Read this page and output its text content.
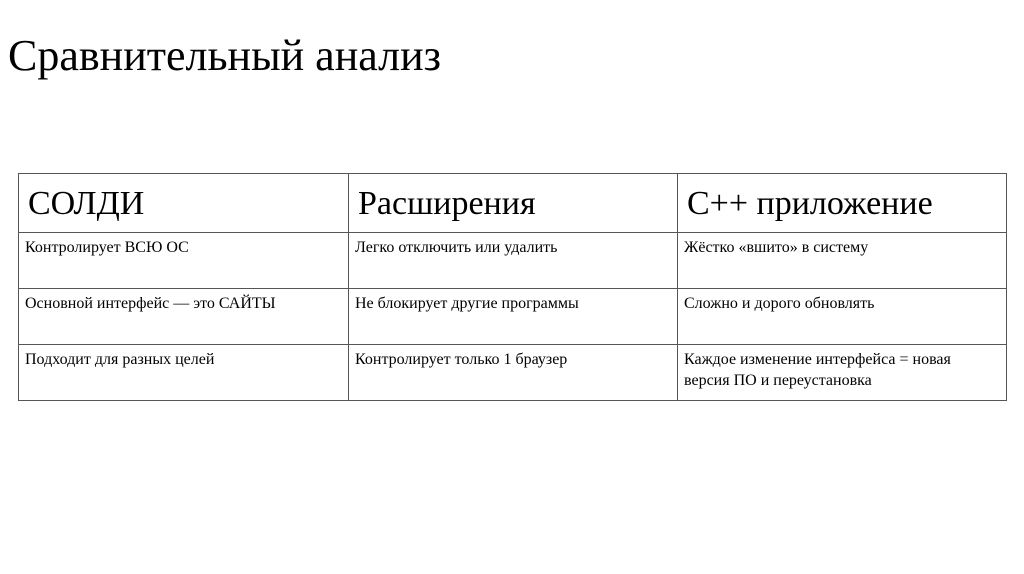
Сравнительный анализ
СОЛДИ	Расширения	С++ приложение
Контролирует ВСЮ ОС	Легко отключить или удалить	Жёстко «вшито» в систему
Основной интерфейс — это САЙТЫ	Не блокирует другие программы	Сложно и дорого обновлять
Подходит для разных целей	Контролирует только 1 браузер	Каждое изменение интерфейса = новая версия ПО и переустановка
